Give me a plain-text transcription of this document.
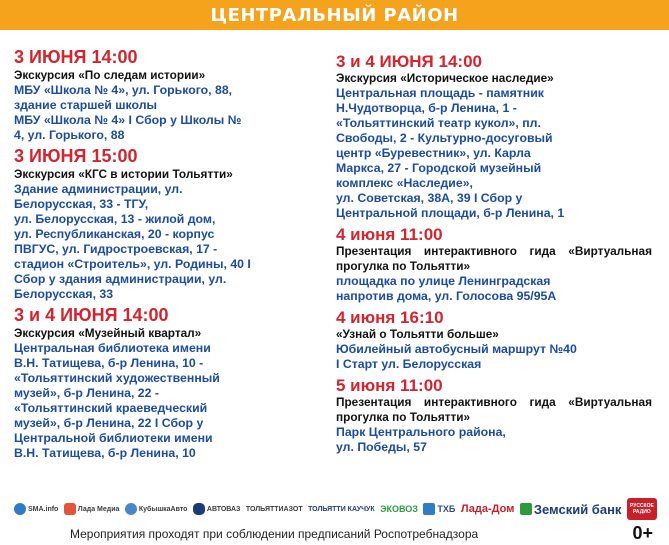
ЦЕНТРАЛЬНЫЙ РАЙОН
3 ИЮНЯ 14:00
Экскурсия «По следам истории»
МБУ «Школа № 4», ул. Горького, 88,
здание старшей школы
МБУ «Школа № 4» I Сбор у Школы №
4, ул. Горького, 88
3 ИЮНЯ 15:00
Экскурсия «КГС в истории Тольятти»
Здание администрации, ул.
Белорусская, 33 - ТГУ,
ул. Белорусская, 13 - жилой дом,
ул. Республиканская, 20 - корпус
ПВГУС, ул. Гидростроевская, 17 -
стадион «Строитель», ул. Родины, 40 I
Сбор у здания администрации, ул.
Белорусская, 33
3 и 4 ИЮНЯ 14:00
Экскурсия «Музейный квартал»
Центральная библиотека имени
В.Н. Татищева, б-р Ленина, 10 -
«Тольяттинский художественный
музей», б-р Ленина, 22 -
«Тольяттинский краеведческий
музей», б-р Ленина, 22 I Сбор у
Центральной библиотеки имени
В.Н. Татищева, б-р Ленина, 10
3 и 4 ИЮНЯ 14:00
Экскурсия «Историческое наследие»
Центральная площадь - памятник
Н.Чудотворца, б-р Ленина, 1 -
«Тольяттинский театр кукол», пл.
Свободы, 2 - Культурно-досуговый
центр «Буревестник», ул. Карла
Маркса, 27 - Городской музейный
комплекс «Наследие»,
ул. Советская, 38А, 39 I Сбор у
Центральной площади, б-р Ленина, 1
4 июня 11:00
Презентация интерактивного гида «Виртуальная прогулка по Тольятти»
площадка по улице Ленинградская
напротив дома, ул. Голосова 95/95А
4 июня 16:10
«Узнай о Тольятти больше»
Юбилейный автобусный маршрут №40
I Старт ул. Белорусская
5 июня 11:00
Презентация интерактивного гида «Виртуальная прогулка по Тольятти»
Парк Центрального района,
ул. Победы, 57
SMA.info	Лада Медиа	КубышкаАвто	АВТОВАЗ ТОЛЬЯТТИАЗОТ ТОЛЬЯТТИ КАУЧУК ЭКОВОЗ ТХБ Лада-Дом Земский банк	РУССКОЕ РАДИО
Мероприятия проходят при соблюдении предписаний Роспотребнадзора	0+
